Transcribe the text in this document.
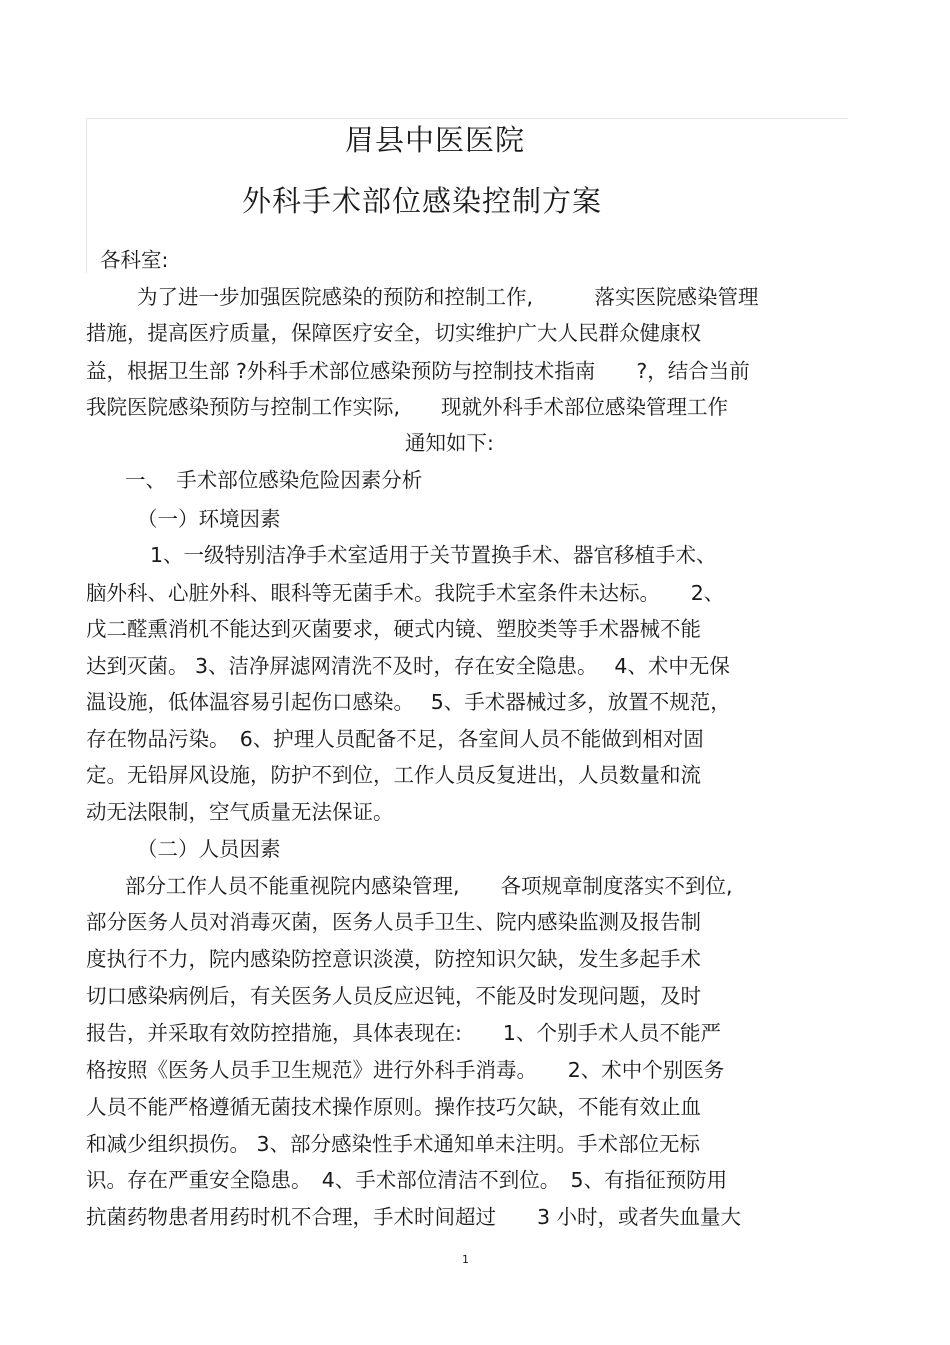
眉县中医医院
外科手术部位感染控制方案
各科室:
为了进一步加强医院感染的预防和控制工作,　　　落实医院感染管理
措施，提高医疗质量，保障医疗安全，切实维护广大人民群众健康权
益，根据卫生部 ?外科手术部位感染预防与控制技术指南　　?，结合当前
我院医院感染预防与控制工作实际,　　现就外科手术部位感染管理工作
通知如下:
一、　手术部位感染危险因素分析
（一）环境因素
1、一级特别洁净手术室适用于关节置换手术、器官移植手术、
脑外科、心脏外科、眼科等无菌手术。我院手术室条件未达标。　　2、
戊二醛熏消机不能达到灭菌要求，硬式内镜、塑胶类等手术器械不能
达到灭菌。 3、洁净屏滤网清洗不及时，存在安全隐患。　 4、术中无保
温设施，低体温容易引起伤口感染。　 5、手术器械过多，放置不规范，
存在物品污染。　6、护理人员配备不足，各室间人员不能做到相对固
定。无铅屏风设施，防护不到位，工作人员反复进出，人员数量和流
动无法限制，空气质量无法保证。
（二）人员因素
部分工作人员不能重视院内感染管理,　　各项规章制度落实不到位,
部分医务人员对消毒灭菌，医务人员手卫生、院内感染监测及报告制
度执行不力，院内感染防控意识淡漠，防控知识欠缺，发生多起手术
切口感染病例后，有关医务人员反应迟钝，不能及时发现问题，及时
报告，并采取有效防控措施，具体表现在:　　1、个别手术人员不能严
格按照《医务人员手卫生规范》进行外科手消毒。　　2、术中个别医务
人员不能严格遵循无菌技术操作原则。操作技巧欠缺，不能有效止血
和减少组织损伤。 3、部分感染性手术通知单未注明。手术部位无标
识。存在严重安全隐患。　4、手术部位清洁不到位。　5、有指征预防用
抗菌药物患者用药时机不合理，手术时间超过　　3 小时，或者失血量大
1
